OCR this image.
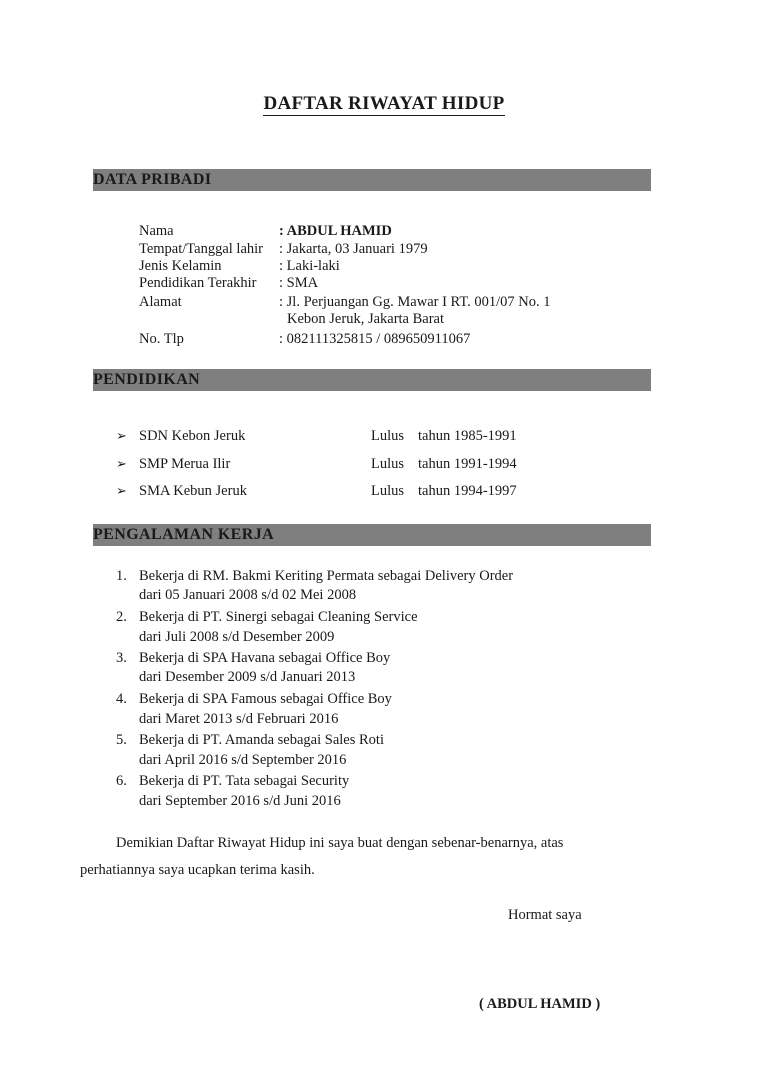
DAFTAR RIWAYAT HIDUP
DATA PRIBADI
Nama	: ABDUL HAMID
Tempat/Tanggal lahir : Jakarta, 03 Januari 1979
Jenis Kelamin	: Laki-laki
Pendidikan Terakhir : SMA
Alamat	: Jl. Perjuangan Gg. Mawar I RT. 001/07 No. 1
Kebon Jeruk, Jakarta Barat
No. Tlp	: 082111325815 / 089650911067
PENDIDIKAN
➢ SDN Kebon Jeruk	Lulus tahun 1985-1991
➢ SMP Merua Ilir	Lulus tahun 1991-1994
➢ SMA Kebun Jeruk	Lulus tahun 1994-1997
PENGALAMAN KERJA
1. Bekerja di RM. Bakmi Keriting Permata sebagai Delivery Order
dari 05 Januari 2008 s/d 02 Mei 2008
2. Bekerja di PT. Sinergi sebagai Cleaning Service
dari Juli 2008 s/d Desember 2009
3. Bekerja di SPA Havana sebagai Office Boy
dari Desember 2009 s/d Januari 2013
4. Bekerja di SPA Famous sebagai Office Boy
dari Maret 2013 s/d Februari 2016
5. Bekerja di PT. Amanda sebagai Sales Roti
dari April 2016 s/d September 2016
6. Bekerja di PT. Tata sebagai Security
dari September 2016 s/d Juni 2016
Demikian Daftar Riwayat Hidup ini saya buat dengan sebenar-benarnya, atas
perhatiannya saya ucapkan terima kasih.
Hormat saya
( ABDUL HAMID )
